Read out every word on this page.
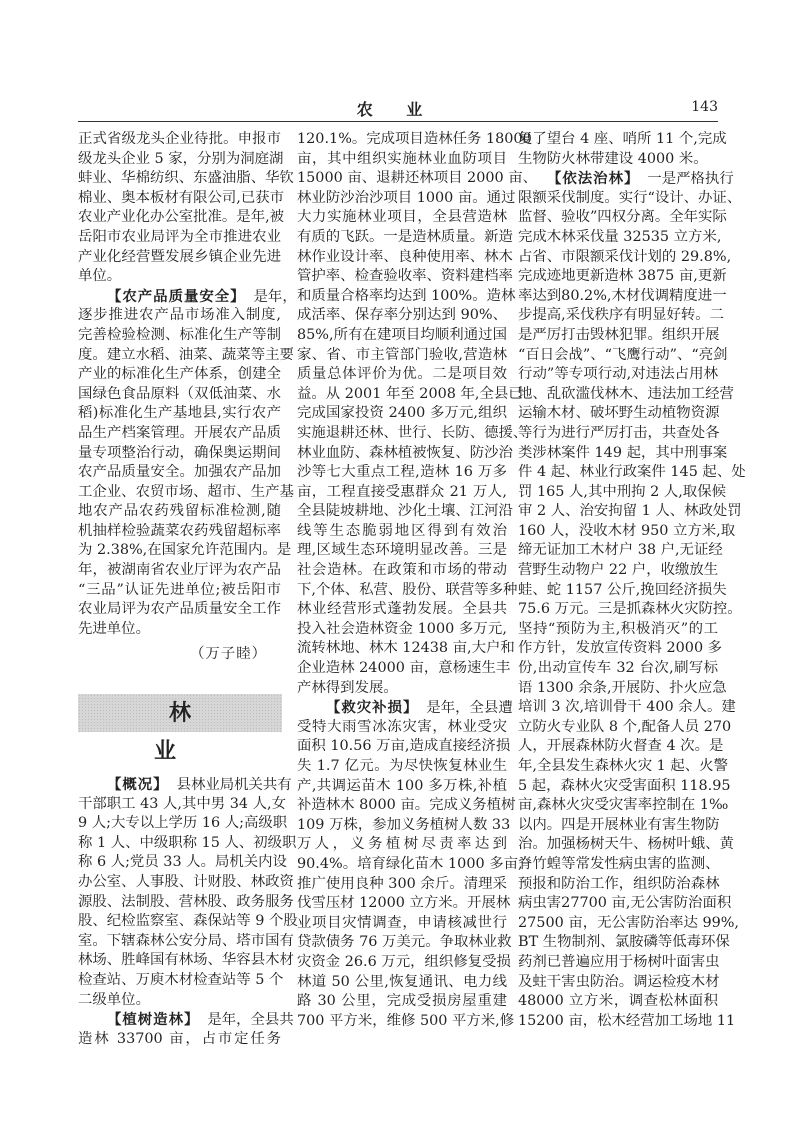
农 业	143
正式省级龙头企业待批。申报市
级龙头企业 5 家，分别为洞庭湖
蚌业、华棉纺织、东盛油脂、华钦
棉业、奥本板材有限公司,已获市
农业产业化办公室批准。是年,被
岳阳市农业局评为全市推进农业
产业化经营暨发展乡镇企业先进
单位。
【农产品质量安全】 是年，
逐步推进农产品市场准入制度,
完善检验检测、标准化生产等制
度。建立水稻、油菜、蔬菜等主要
产业的标准化生产体系，创建全
国绿色食品原料（双低油菜、水
稻)标准化生产基地县,实行农产
品生产档案管理。开展农产品质
量专项整治行动，确保奥运期间
农产品质量安全。加强农产品加
工企业、农贸市场、超市、生产基
地农产品农药残留标准检测,随
机抽样检验蔬菜农药残留超标率
为 2.38%,在国家允许范围内。是
年，被湖南省农业厅评为农产品
“三品”认证先进单位;被岳阳市
农业局评为农产品质量安全工作
先进单位。
（万子睦）
林　　业
【概况】 县林业局机关共有
干部职工 43 人,其中男 34 人,女
9 人;大专以上学历 16 人;高级职
称 1 人、中级职称 15 人、初级职
称 6 人;党员 33 人。局机关内设
办公室、人事股、计财股、林政资
源股、法制股、营林股、政务服务
股、纪检监察室、森保站等 9 个股
室。下辖森林公安分局、塔市国有
林场、胜峰国有林场、华容县木材
检查站、万庾木材检查站等 5 个
二级单位。
【植树造林】 是年，全县共
造林 33700 亩，占市定任务
120.1%。完成项目造林任务 18000
亩，其中组织实施林业血防项目
15000 亩、退耕还林项目 2000 亩、
林业防沙治沙项目 1000 亩。通过
大力实施林业项目，全县营造林
有质的飞跃。一是造林质量。新造
林作业设计率、良种使用率、林木
管护率、检查验收率、资料建档率
和质量合格率均达到 100%。造林
成活率、保存率分别达到 90%、
85%,所有在建项目均顺利通过国
家、省、市主管部门验收,营造林
质量总体评价为优。二是项目效
益。从 2001 年至 2008 年,全县已
完成国家投资 2400 多万元,组织
实施退耕还林、世行、长防、德援、
林业血防、森林植被恢复、防沙治
沙等七大重点工程,造林 16 万多
亩，工程直接受惠群众 21 万人,
全县陡坡耕地、沙化土壤、江河沿
线等生态脆弱地区得到有效治
理,区域生态环境明显改善。三是
社会造林。在政策和市场的带动
下,个体、私营、股份、联营等多种
林业经营形式蓬勃发展。全县共
投入社会造林资金 1000 多万元,
流转林地、林木 12438 亩,大户和
企业造林 24000 亩，意杨速生丰
产林得到发展。
【救灾补损】 是年，全县遭
受特大雨雪冰冻灾害，林业受灾
面积 10.56 万亩,造成直接经济损
失 1.7 亿元。为尽快恢复林业生
产,共调运苗木 100 多万株,补植
补造林木 8000 亩。完成义务植树
109 万株，参加义务植树人数 33
万人，义务植树尽责率达到
90.4%。培育绿化苗木 1000 多亩,
推广使用良种 300 余斤。清理采
伐雪压材 12000 立方米。开展林
业项目灾情调查，申请核减世行
贷款债务 76 万美元。争取林业救
灾资金 26.6 万元，组织修复受损
林道 50 公里,恢复通讯、电力线
路 30 公里，完成受损房屋重建
700 平方米，维修 500 平方米,修
复了望台 4 座、哨所 11 个,完成
生物防火林带建设 4000 米。
【依法治林】 一是严格执行
限额采伐制度。实行“设计、办证、
监督、验收”四权分离。全年实际
完成木林采伐量 32535 立方米,
占省、市限额采伐计划的 29.8%,
完成迹地更新造林 3875 亩,更新
率达到80.2%,木材伐调精度进一
步提高,采伐秩序有明显好转。二
是严厉打击毁林犯罪。组织开展
“百日会战”、“飞鹰行动”、“亮剑
行动”等专项行动,对违法占用林
地、乱砍滥伐林木、违法加工经营
运输木材、破坏野生动植物资源
等行为进行严厉打击，共查处各
类涉林案件 149 起，其中刑事案
件 4 起、林业行政案件 145 起、处
罚 165 人,其中刑拘 2 人,取保候
审 2 人、治安拘留 1 人、林政处罚
160 人，没收木材 950 立方米,取
缔无证加工木材户 38 户,无证经
营野生动物户 22 户，收缴放生
蛙、蛇 1157 公斤,挽回经济损失
75.6 万元。三是抓森林火灾防控。
坚持“预防为主,积极消灭”的工
作方针，发放宣传资料 2000 多
份,出动宣传车 32 台次,刷写标
语 1300 余条,开展防、扑火应急
培训 3 次,培训骨干 400 余人。建
立防火专业队 8 个,配备人员 270
人，开展森林防火督查 4 次。是
年,全县发生森林火灾 1 起、火警
5 起，森林火灾受害面积 118.95
亩,森林火灾受灾害率控制在 1‰
以内。四是开展林业有害生物防
治。加强杨树天牛、杨树叶蛾、黄
脊竹蝗等常发性病虫害的监测、
预报和防治工作，组织防治森林
病虫害27700 亩,无公害防治面积
27500 亩，无公害防治率达 99%,
BT 生物制剂、氯胺磷等低毒环保
药剂已普遍应用于杨树叶面害虫
及蛀干害虫防治。调运检疫木材
48000 立方米，调查松林面积
15200 亩，松木经营加工场地 11
